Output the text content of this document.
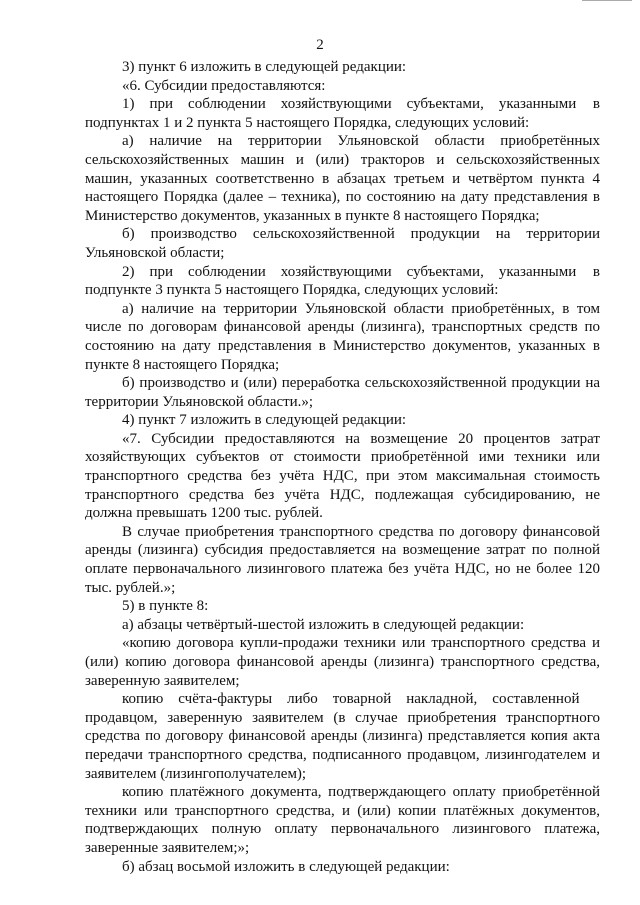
2

3) пункт 6 изложить в следующей редакции:

«6. Субсидии предоставляются:

1) при соблюдении хозяйствующими субъектами, указанными в подпунктах 1 и 2 пункта 5 настоящего Порядка, следующих условий:

а) наличие на территории Ульяновской области приобретённых сельскохозяйственных машин и (или) тракторов и сельскохозяйственных машин, указанных соответственно в абзацах третьем и четвёртом пункта 4 настоящего Порядка (далее – техника), по состоянию на дату представления в Министерство документов, указанных в пункте 8 настоящего Порядка;

б) производство сельскохозяйственной продукции на территории Ульяновской области;

2) при соблюдении хозяйствующими субъектами, указанными в подпункте 3 пункта 5 настоящего Порядка, следующих условий:

а) наличие на территории Ульяновской области приобретённых, в том числе по договорам финансовой аренды (лизинга), транспортных средств по состоянию на дату представления в Министерство документов, указанных в пункте 8 настоящего Порядка;

б) производство и (или) переработка сельскохозяйственной продукции на территории Ульяновской области.»;

4) пункт 7 изложить в следующей редакции:

«7. Субсидии предоставляются на возмещение 20 процентов затрат хозяйствующих субъектов от стоимости приобретённой ими техники или транспортного средства без учёта НДС, при этом максимальная стоимость транспортного средства без учёта НДС, подлежащая субсидированию, не должна превышать 1200 тыс. рублей.

В случае приобретения транспортного средства по договору финансовой аренды (лизинга) субсидия предоставляется на возмещение затрат по полной оплате первоначального лизингового платежа без учёта НДС, но не более 120 тыс. рублей.»;

5) в пункте 8:

а) абзацы четвёртый-шестой изложить в следующей редакции:

«копию договора купли-продажи техники или транспортного средства и (или) копию договора финансовой аренды (лизинга) транспортного средства, заверенную заявителем;

копию счёта-фактуры либо товарной накладной, составленной продавцом, заверенную заявителем (в случае приобретения транспортного средства по договору финансовой аренды (лизинга) представляется копия акта передачи транспортного средства, подписанного продавцом, лизингодателем и заявителем (лизингополучателем);

копию платёжного документа, подтверждающего оплату приобретённой техники или транспортного средства, и (или) копии платёжных документов, подтверждающих полную оплату первоначального лизингового платежа, заверенные заявителем;»;

б) абзац восьмой изложить в следующей редакции:
